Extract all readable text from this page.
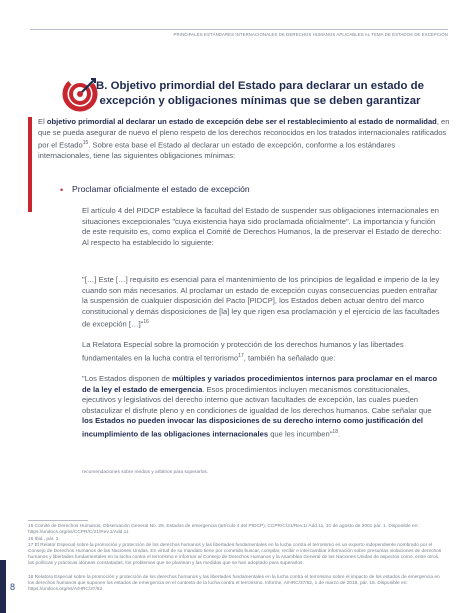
PRINCIPALES ESTÁNDARES INTERNACIONALES DE DERECHOS HUMANOS APLICABLES AL TEMA DE ESTADOS DE EXCEPCIÓN
B. Objetivo primordial del Estado para declarar un estado de excepción y obligaciones mínimas que se deben garantizar

El objetivo primordial al declarar un estado de excepción debe ser el restablecimiento al estado de normalidad, en que se pueda asegurar de nuevo el pleno respeto de los derechos reconocidos en los tratados internacionales ratificados por el Estado$^{15}$. Sobre esta base el Estado al declarar un estado de excepción, conforme a los estándares internacionales, tiene las siguientes obligaciones mínimas:

• Proclamar oficialmente el estado de excepción

El artículo 4 del PIDCP establece la facultad del Estado de suspender sus obligaciones internacionales en situaciones excepcionales "cuya existencia haya sido proclamada oficialmente". La importancia y función de este requisito es, como explica el Comité de Derechos Humanos, la de preservar el Estado de derecho: Al respecto ha establecido lo siguiente:

"[…] Este […] requisito es esencial para el mantenimiento de los principios de legalidad e imperio de la ley cuando son más necesarios. Al proclamar un estado de excepción cuyas consecuencias pueden entrañar la suspensión de cualquier disposición del Pacto [PIDCP], los Estados deben actuar dentro del marco constitucional y demás disposiciones de [la] ley que rigen esa proclamación y el ejercicio de las facultades de excepción […]"$^{16}$

La Relatora Especial sobre la promoción y protección de los derechos humanos y las libertades fundamentales en la lucha contra el terrorismo$^{17}$, también ha señalado que:

"Los Estados disponen de múltiples y variados procedimientos internos para proclamar en el marco de la ley el estado de emergencia. Esos procedimientos incluyen mecanismos constitucionales, ejecutivos y legislativos del derecho interno que activan facultades de excepción, las cuales pueden obstaculizar el disfrute pleno y en condiciones de igualdad de los derechos humanos. Cabe señalar que los Estados no pueden invocar las disposiciones de su derecho interno como justificación del incumplimiento de las obligaciones internacionales que les incumben"$^{18}$.

recomendaciones sobre medios y arbitrios para superarlos.
15 Comité de Derechos Humanos, Observación General No. 29, Estados de emergencia (artículo 4 del PIDCP), CCPR/C/21/Rev.1/ Add.11, 31 de agosto de 2001 pár. 1. Disponible en: https://undocs.org/es/CCPR/C/21/Rev.1/Add.11
16 Ibid., pár. 2.
17 El Relator Especial sobre la promoción y protección de los derechos humanos y las libertades fundamentales en la lucha contra el terrorismo es un experto independiente nombrado por el Consejo de Derechos Humanos de las Naciones Unidas. En virtud de su mandato tiene por cometido buscar, compilar, recibir e intercambiar información sobre presuntas violaciones de derechos humanos y libertades fundamentales en la lucha contra el terrorismo e informar al Consejo de Derechos Humanos y la Asamblea General de las Naciones Unidas de aspectos como, entre otros, las políticas y prácticas idóneas constatadas, los problemas que se plantean y las medidas que se han adoptado para superarlos.
18 Relatora Especial sobre la promoción y protección de los derechos humanos y las libertades fundamentales en la lucha contra el terrorismo sobre el impacto de los estados de emergencia en los derechos humanos que suponen los estados de emergencia en el contexto de la lucha contra el terrorismo. Informe, A/HRC/37/52, 1 de marzo de 2018, pár. 15. Disponible en: https://undocs.org/es/A/HRC/37/52.
8
